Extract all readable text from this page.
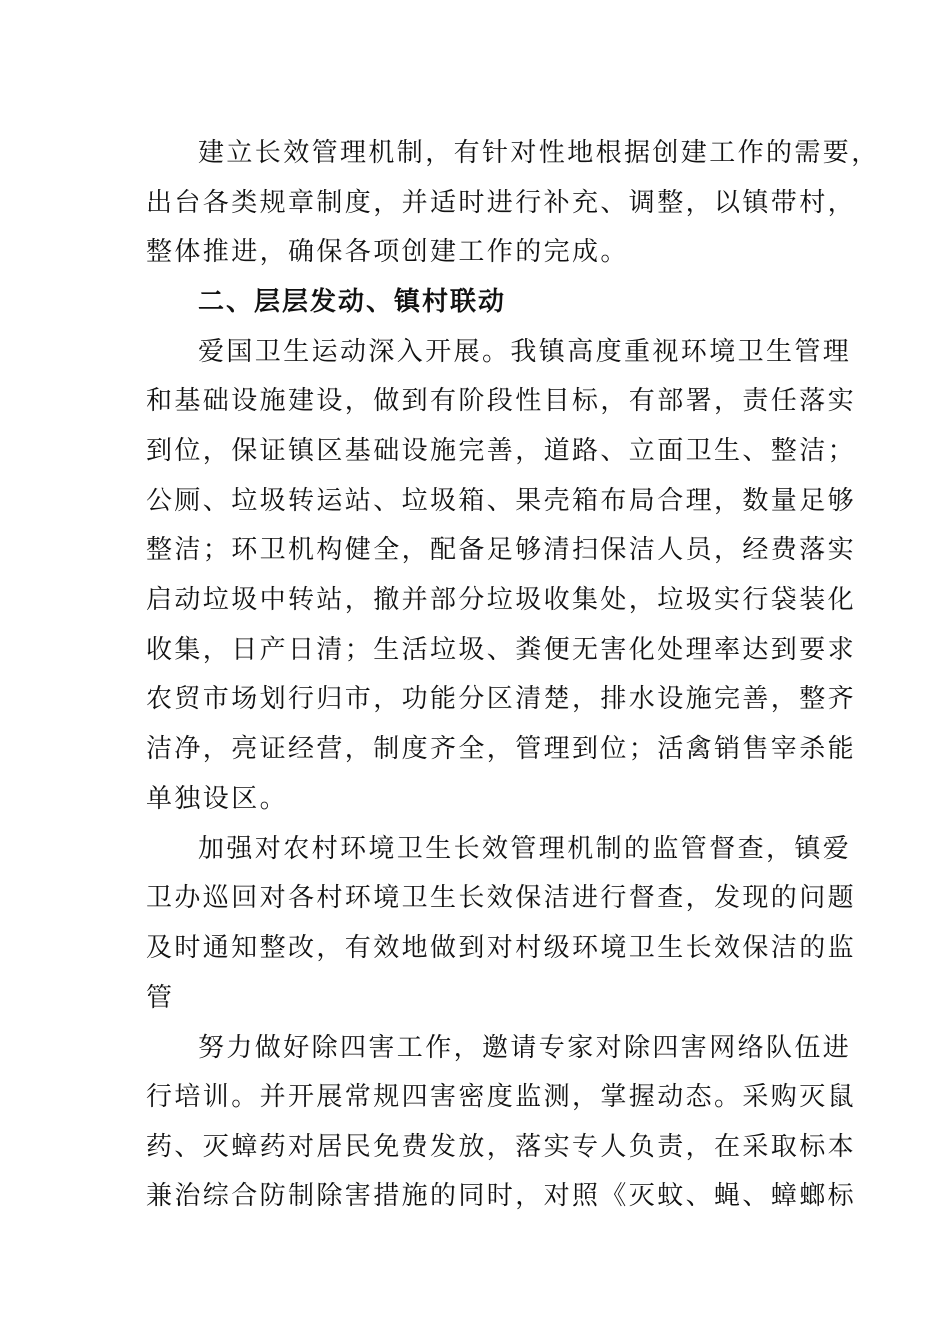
建立长效管理机制，有针对性地根据创建工作的需要，
出台各类规章制度，并适时进行补充、调整，以镇带村，
整体推进，确保各项创建工作的完成。
二、层层发动、镇村联动
爱国卫生运动深入开展。我镇高度重视环境卫生管理
和基础设施建设，做到有阶段性目标，有部署，责任落实
到位，保证镇区基础设施完善，道路、立面卫生、整洁；
公厕、垃圾转运站、垃圾箱、果壳箱布局合理，数量足够
整洁；环卫机构健全，配备足够清扫保洁人员，经费落实
启动垃圾中转站，撤并部分垃圾收集处，垃圾实行袋装化
收集，日产日清；生活垃圾、粪便无害化处理率达到要求
农贸市场划行归市，功能分区清楚，排水设施完善，整齐
洁净，亮证经营，制度齐全，管理到位；活禽销售宰杀能
单独设区。
加强对农村环境卫生长效管理机制的监管督查，镇爱
卫办巡回对各村环境卫生长效保洁进行督查，发现的问题
及时通知整改，有效地做到对村级环境卫生长效保洁的监
管
努力做好除四害工作，邀请专家对除四害网络队伍进
行培训。并开展常规四害密度监测，掌握动态。采购灭鼠
药、灭蟑药对居民免费发放，落实专人负责，在采取标本
兼治综合防制除害措施的同时，对照《灭蚊、蝇、蟑螂标
